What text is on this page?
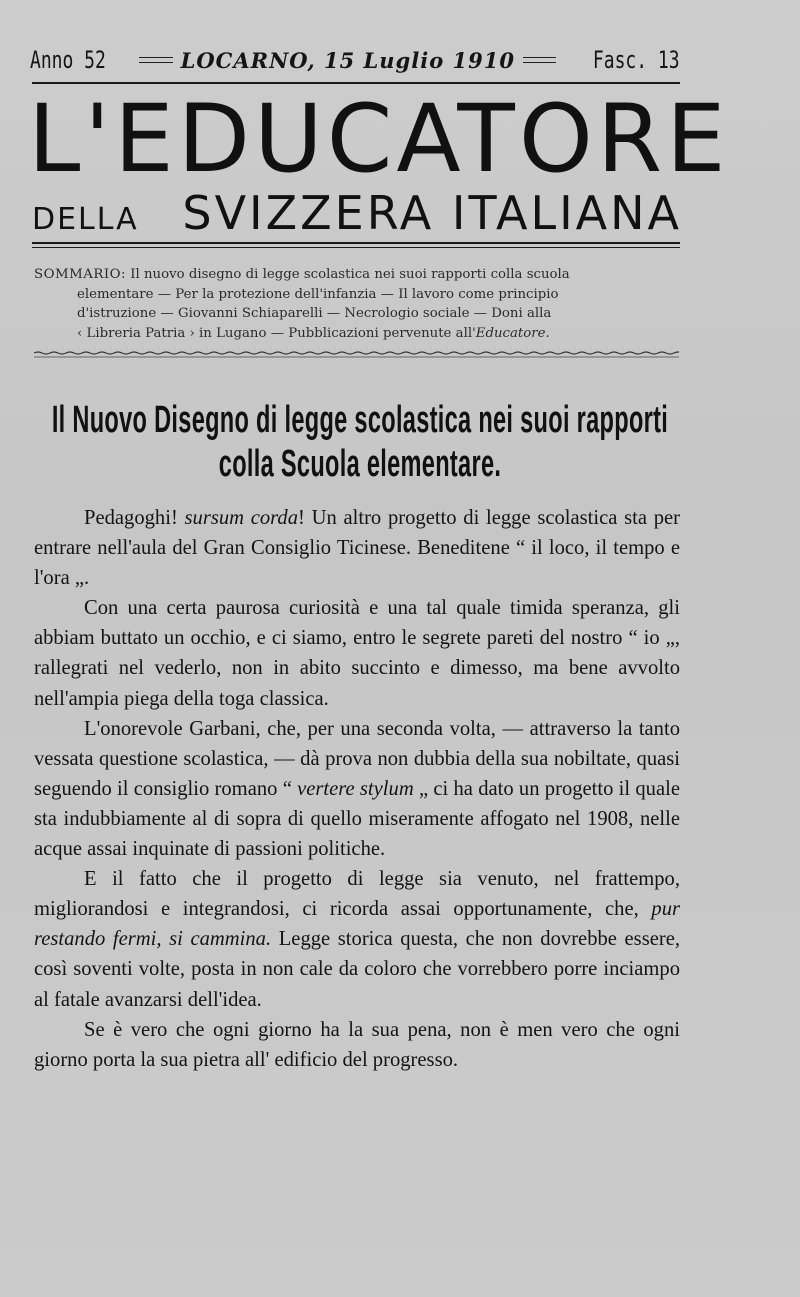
Anno 52	LOCARNO, 15 Luglio 1910	Fasc. 13
L'EDUCATORE
DELLA SVIZZERA ITALIANA
SOMMARIO: Il nuovo disegno di legge scolastica nei suoi rapporti colla scuola
elementare — Per la protezione dell'infanzia — Il lavoro come principio
d'istruzione — Giovanni Schiaparelli — Necrologio sociale — Doni alla
‹ Libreria Patria › in Lugano — Pubblicazioni pervenute all'Educatore.
Il Nuovo Disegno di legge scolastica nei suoi rapporti
colla Scuola elementare.

Pedagoghi! sursum corda! Un altro progetto di legge scolastica sta per entrare nell'aula del Gran Consiglio Ticinese. Beneditene “ il loco, il tempo e l'ora „.

Con una certa paurosa curiosità e una tal quale timida speranza, gli abbiam buttato un occhio, e ci siamo, entro le segrete pareti del nostro “ io „, rallegrati nel vederlo, non in abito succinto e dimesso, ma bene avvolto nell'ampia piega della toga classica.

L'onorevole Garbani, che, per una seconda volta, — attraverso la tanto vessata questione scolastica, — dà prova non dubbia della sua nobiltate, quasi seguendo il consiglio romano “ vertere stylum „ ci ha dato un progetto il quale sta indubbiamente al di sopra di quello miseramente affogato nel 1908, nelle acque assai inquinate di passioni politiche.

E il fatto che il progetto di legge sia venuto, nel frattempo, migliorandosi e integrandosi, ci ricorda assai opportunamente, che, pur restando fermi, si cammina. Legge storica questa, che non dovrebbe essere, così soventi volte, posta in non cale da coloro che vorrebbero porre inciampo al fatale avanzarsi dell'idea.

Se è vero che ogni giorno ha la sua pena, non è men vero che ogni giorno porta la sua pietra all' edificio del progresso.
